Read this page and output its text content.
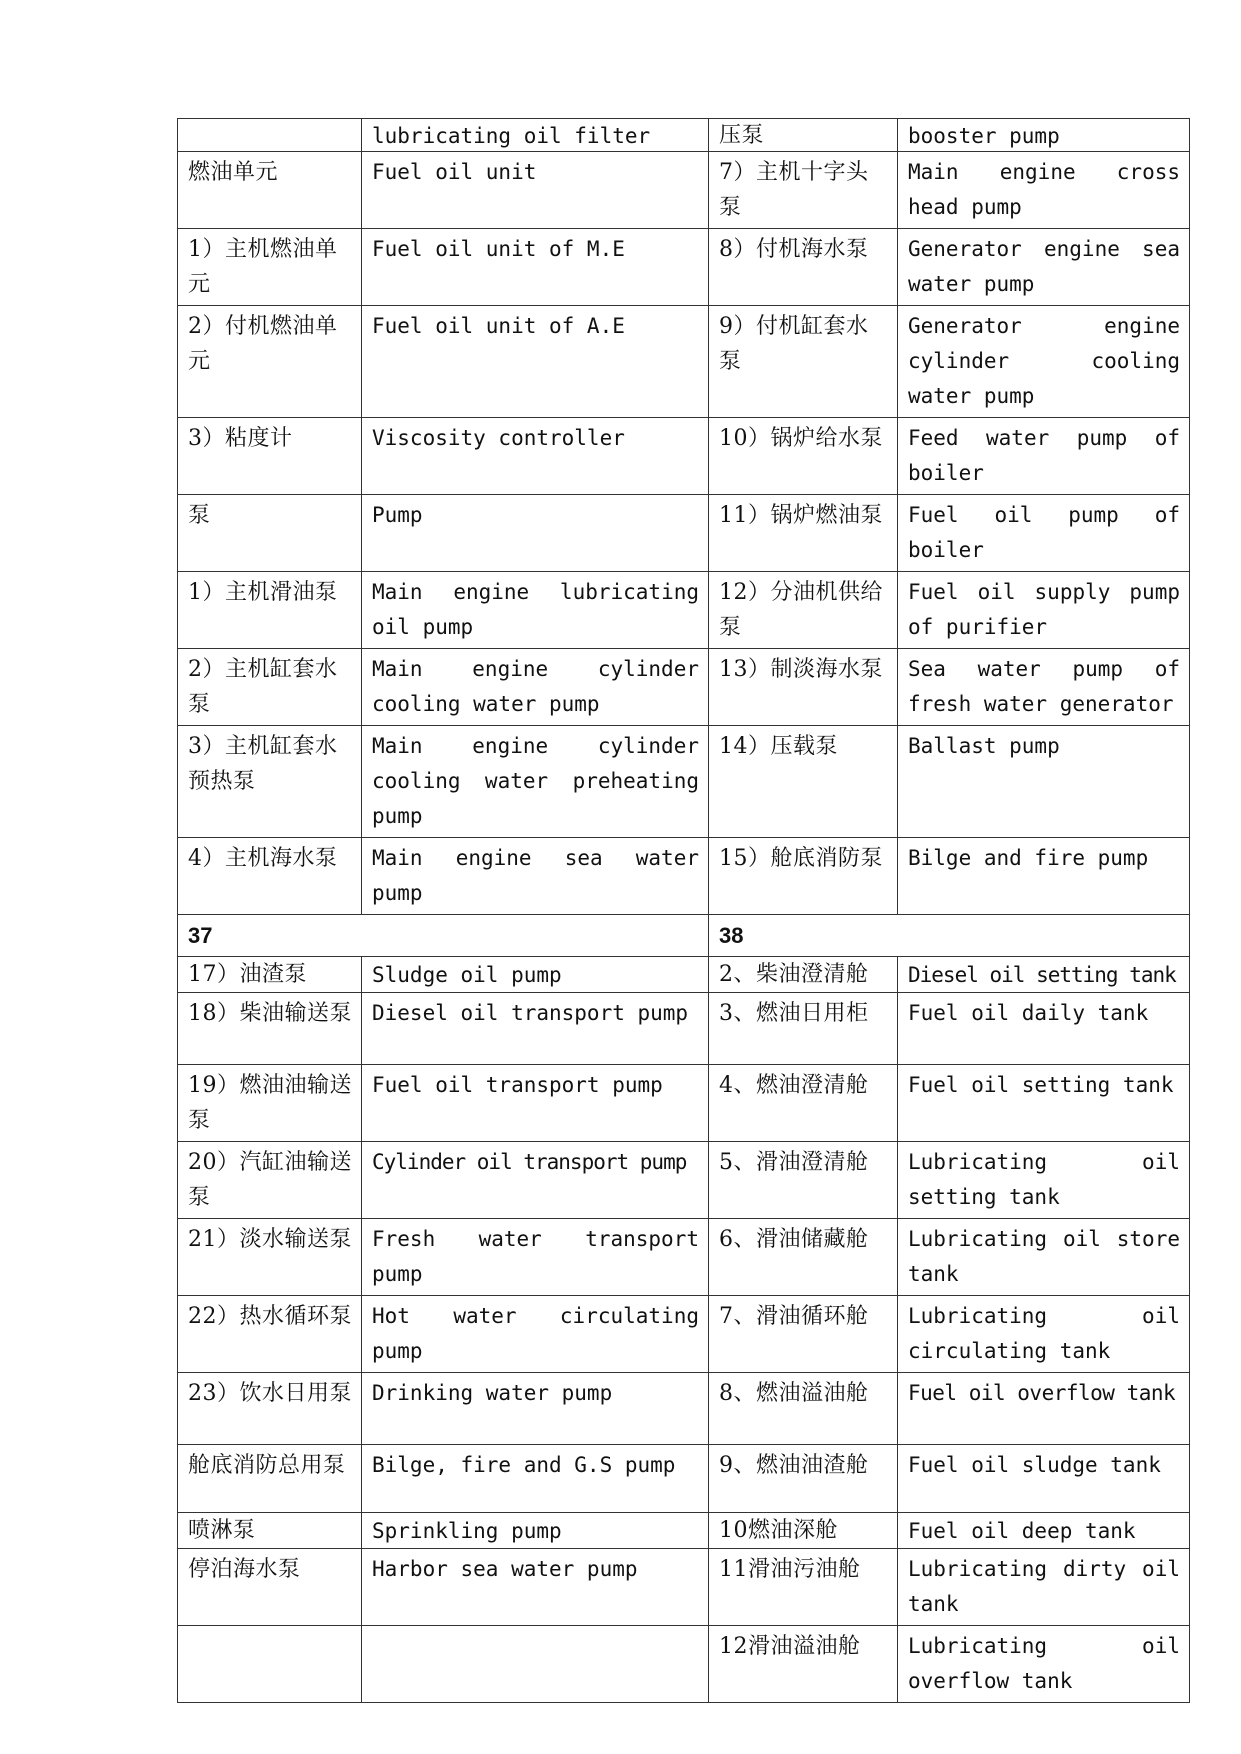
	lubricating oil filter	压泵	booster pump
燃油单元	Fuel oil unit	7）主机十字头泵	Main engine cross head pump
1）主机燃油单元	Fuel oil unit of M.E	8）付机海水泵	Generator engine sea water pump
2）付机燃油单元	Fuel oil unit of A.E	9）付机缸套水泵	Generator engine cylinder cooling water pump
3）粘度计	Viscosity controller	10）锅炉给水泵	Feed water pump of boiler
泵	Pump	11）锅炉燃油泵	Fuel oil pump of boiler
1）主机滑油泵	Main engine lubricating oil pump	12）分油机供给泵	Fuel oil supply pump of purifier
2）主机缸套水泵	Main engine cylinder cooling water pump	13）制淡海水泵	Sea water pump of fresh water generator
3）主机缸套水预热泵	Main engine cylinder cooling water preheating pump	14）压载泵	Ballast pump
4）主机海水泵	Main engine sea water pump	15）舱底消防泵	Bilge and fire pump
37		38	
17）油渣泵	Sludge oil pump	2、柴油澄清舱	Diesel oil setting tank
18）柴油输送泵	Diesel oil transport pump	3、燃油日用柜	Fuel oil daily tank
19）燃油油输送泵	Fuel oil transport pump	4、燃油澄清舱	Fuel oil setting tank
20）汽缸油输送泵	Cylinder oil transport pump	5、滑油澄清舱	Lubricating oil setting tank
21）淡水输送泵	Fresh water transport pump	6、滑油储藏舱	Lubricating oil store tank
22）热水循环泵	Hot water circulating pump	7、滑油循环舱	Lubricating oil circulating tank
23）饮水日用泵	Drinking water pump	8、燃油溢油舱	Fuel oil overflow tank
舱底消防总用泵	Bilge, fire and G.S pump	9、燃油油渣舱	Fuel oil sludge tank
喷淋泵	Sprinkling pump	10燃油深舱	Fuel oil deep tank
停泊海水泵	Harbor sea water pump	11滑油污油舱	Lubricating dirty oil tank
		12滑油溢油舱	Lubricating oil overflow tank
